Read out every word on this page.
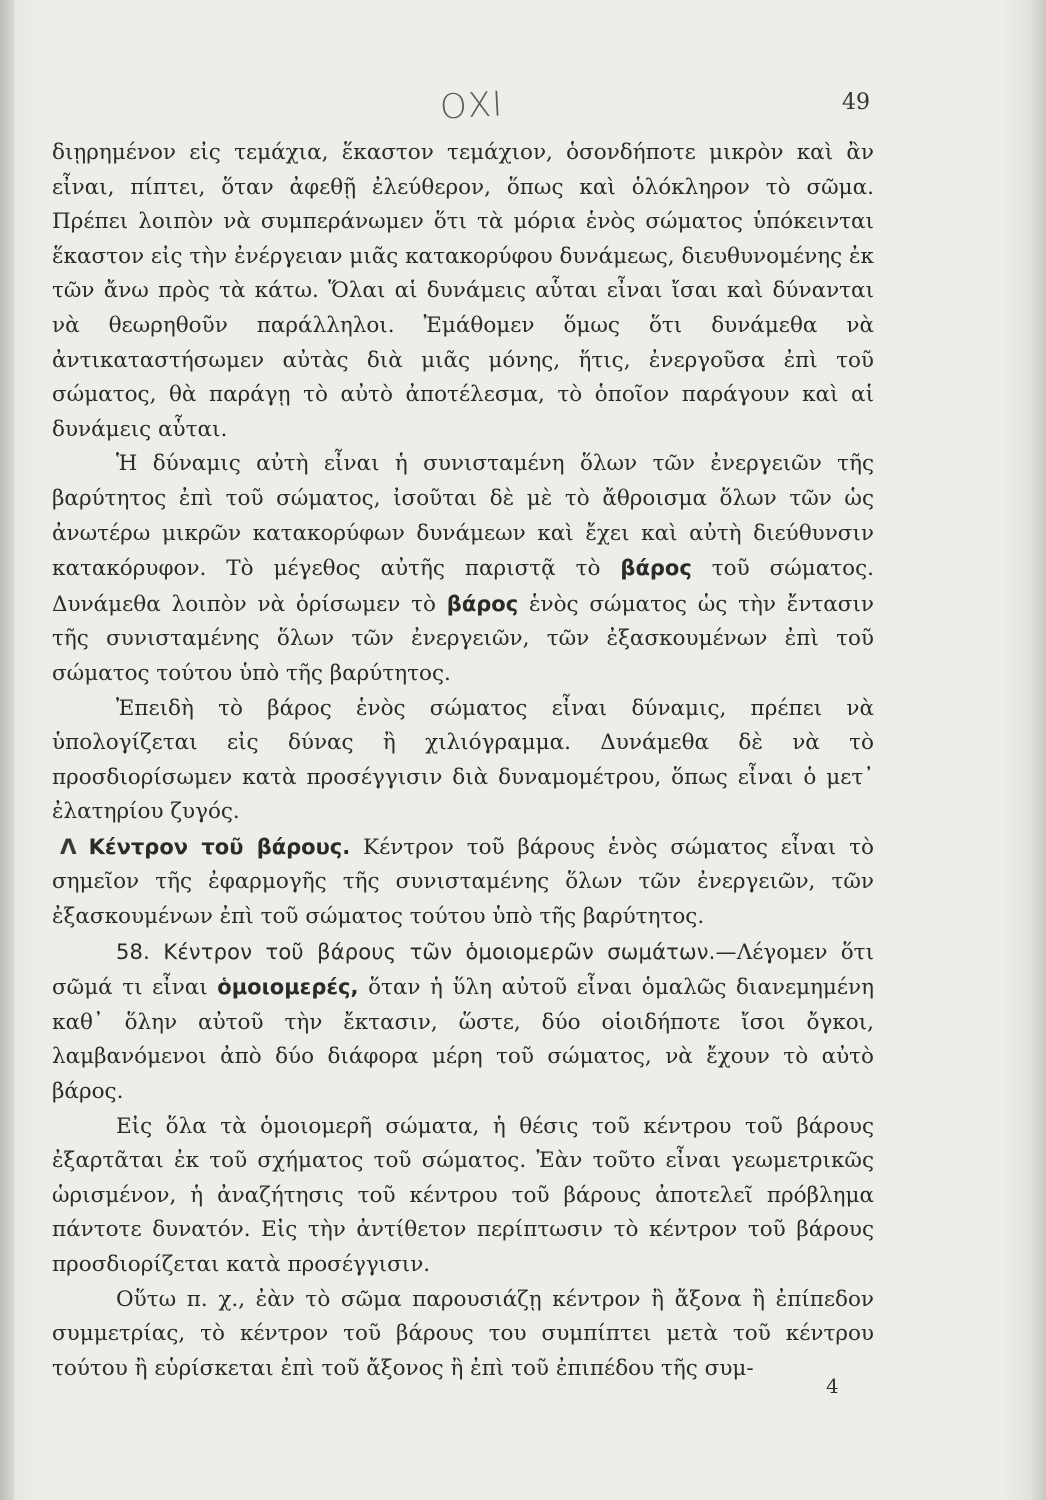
ΟΧΙ	49

διῃρημένον εἰς τεμάχια, ἕκαστον τεμάχιον, ὁσονδήποτε μικρὸν καὶ ἂν εἶναι, πίπτει, ὅταν ἀφεθῇ ἐλεύθερον, ὅπως καὶ ὁλόκληρον τὸ σῶμα. Πρέπει λοιπὸν νὰ συμπεράνωμεν ὅτι τὰ μόρια ἑνὸς σώματος ὑπόκεινται ἕκαστον εἰς τὴν ἐνέργειαν μιᾶς κατακορύφου δυνάμεως, διευθυνομένης ἐκ τῶν ἄνω πρὸς τὰ κάτω. Ὅλαι αἱ δυνάμεις αὗται εἶναι ἴσαι καὶ δύνανται νὰ θεωρηθοῦν παράλληλοι. Ἐμάθομεν ὅμως ὅτι δυνάμεθα νὰ ἀντικαταστήσωμεν αὐτὰς διὰ μιᾶς μόνης, ἥτις, ἐνεργοῦσα ἐπὶ τοῦ σώματος, θὰ παράγῃ τὸ αὐτὸ ἀποτέλεσμα, τὸ ὁποῖον παράγουν καὶ αἱ δυνάμεις αὗται.

Ἡ δύναμις αὐτὴ εἶναι ἡ συνισταμένη ὅλων τῶν ἐνεργειῶν τῆς βαρύτητος ἐπὶ τοῦ σώματος, ἰσοῦται δὲ μὲ τὸ ἄθροισμα ὅλων τῶν ὡς ἀνωτέρω μικρῶν κατακορύφων δυνάμεων καὶ ἔχει καὶ αὐτὴ διεύθυνσιν κατακόρυφον. Τὸ μέγεθος αὐτῆς παριστᾷ τὸ βάρος τοῦ σώματος. Δυνάμεθα λοιπὸν νὰ ὁρίσωμεν τὸ βάρος ἑνὸς σώματος ὡς τὴν ἔντασιν τῆς συνισταμένης ὅλων τῶν ἐνεργειῶν, τῶν ἐξασκουμένων ἐπὶ τοῦ σώματος τούτου ὑπὸ τῆς βαρύτητος.

Ἐπειδὴ τὸ βάρος ἑνὸς σώματος εἶναι δύναμις, πρέπει νὰ ὑπολογίζεται εἰς δύνας ἢ χιλιόγραμμα. Δυνάμεθα δὲ νὰ τὸ προσδιορίσωμεν κατὰ προσέγγισιν διὰ δυναμομέτρου, ὅπως εἶναι ὁ μετ᾿ ἐλατηρίου ζυγός.

Λ Κέντρον τοῦ βάρους. Κέντρον τοῦ βάρους ἑνὸς σώματος εἶναι τὸ σημεῖον τῆς ἐφαρμογῆς τῆς συνισταμένης ὅλων τῶν ἐνεργειῶν, τῶν ἐξασκουμένων ἐπὶ τοῦ σώματος τούτου ὑπὸ τῆς βαρύτητος.

58. Κέντρον τοῦ βάρους τῶν ὁμοιομερῶν σωμάτων.—Λέγομεν ὅτι σῶμά τι εἶναι ὁμοιομερές, ὅταν ἡ ὕλη αὐτοῦ εἶναι ὁμαλῶς διανεμημένη καθ᾿ ὅλην αὐτοῦ τὴν ἔκτασιν, ὥστε, δύο οἱοιδήποτε ἴσοι ὄγκοι, λαμβανόμενοι ἀπὸ δύο διάφορα μέρη τοῦ σώματος, νὰ ἔχουν τὸ αὐτὸ βάρος.

Εἰς ὅλα τὰ ὁμοιομερῆ σώματα, ἡ θέσις τοῦ κέντρου τοῦ βάρους ἐξαρτᾶται ἐκ τοῦ σχήματος τοῦ σώματος. Ἐὰν τοῦτο εἶναι γεωμετρικῶς ὡρισμένον, ἡ ἀναζήτησις τοῦ κέντρου τοῦ βάρους ἀποτελεῖ πρόβλημα πάντοτε δυνατόν. Εἰς τὴν ἀντίθετον περίπτωσιν τὸ κέντρον τοῦ βάρους προσδιορίζεται κατὰ προσέγγισιν.

Οὕτω π. χ., ἐὰν τὸ σῶμα παρουσιάζῃ κέντρον ἢ ἄξονα ἢ ἐπίπεδον συμμετρίας, τὸ κέντρον τοῦ βάρους του συμπίπτει μετὰ τοῦ κέντρου τούτου ἢ εὑρίσκεται ἐπὶ τοῦ ἄξονος ἢ ἐπὶ τοῦ ἐπιπέδου τῆς συμ-

4
